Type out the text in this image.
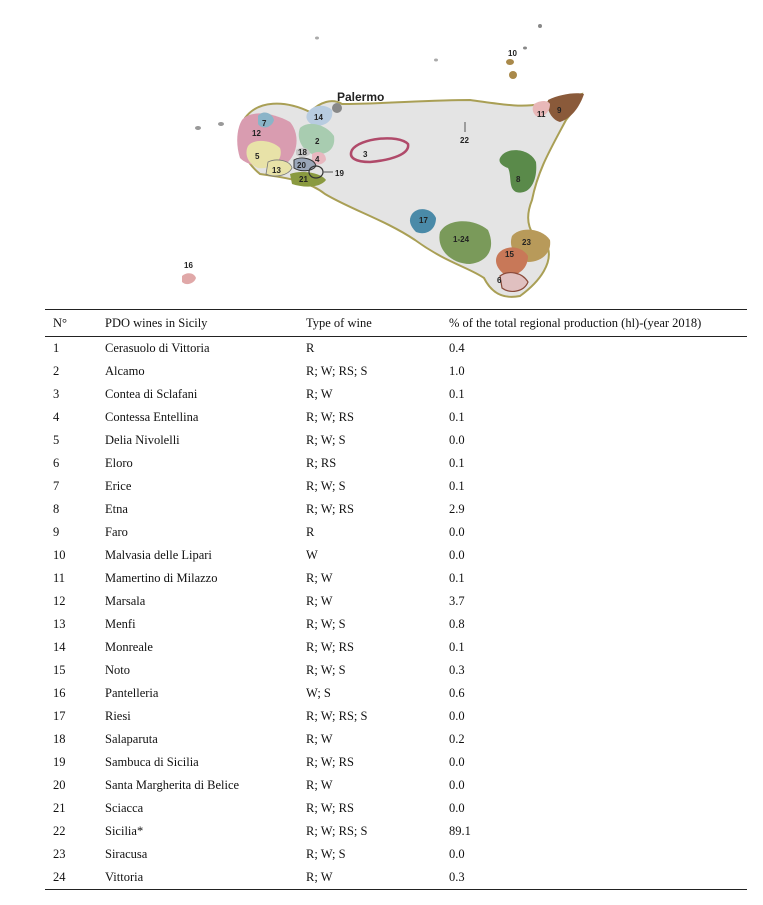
Palermo
1-24
2
3
4
5
6
7
8
9
10
11
12
13
14
15
16
17
18
19
20
21
22
23
N°	PDO wines in Sicily	Type of wine	% of the total regional production (hl)-(year 2018)
1	Cerasuolo di Vittoria	R	0.4
2	Alcamo	R; W; RS; S	1.0
3	Contea di Sclafani	R; W	0.1
4	Contessa Entellina	R; W; RS	0.1
5	Delia Nivolelli	R; W; S	0.0
6	Eloro	R; RS	0.1
7	Erice	R; W; S	0.1
8	Etna	R; W; RS	2.9
9	Faro	R	0.0
10	Malvasia delle Lipari	W	0.0
11	Mamertino di Milazzo	R; W	0.1
12	Marsala	R; W	3.7
13	Menfi	R; W; S	0.8
14	Monreale	R; W; RS	0.1
15	Noto	R; W; S	0.3
16	Pantelleria	W; S	0.6
17	Riesi	R; W; RS; S	0.0
18	Salaparuta	R; W	0.2
19	Sambuca di Sicilia	R; W; RS	0.0
20	Santa Margherita di Belice	R; W	0.0
21	Sciacca	R; W; RS	0.0
22	Sicilia*	R; W; RS; S	89.1
23	Siracusa	R; W; S	0.0
24	Vittoria	R; W	0.3
